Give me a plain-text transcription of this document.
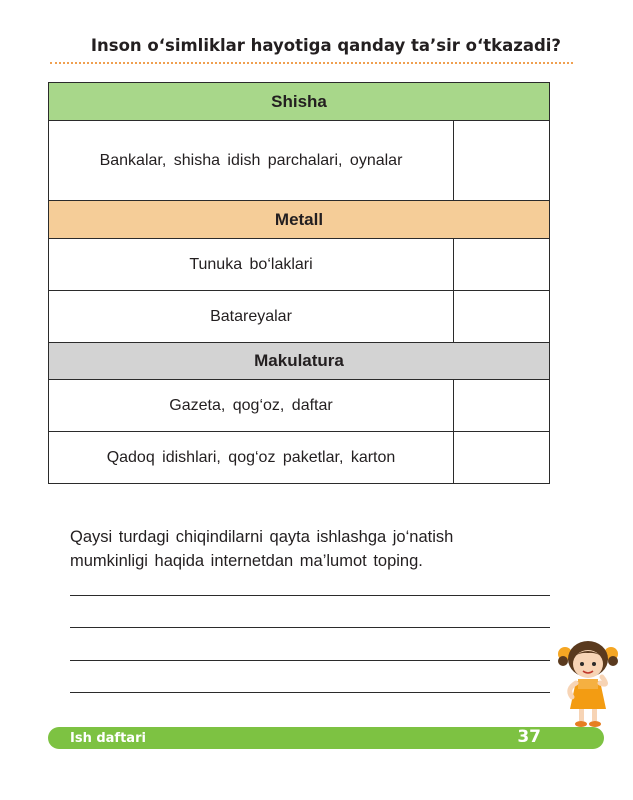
Inson o‘simliklar hayotiga qanday ta’sir o‘tkazadi?
Shisha	
Bankalar, shisha idish parchalari, oynalar	
Metall	
Tunuka bo‘laklari	
Batareyalar	
Makulatura	
Gazeta, qog‘oz, daftar	
Qadoq idishlari, qog‘oz paketlar, karton	
Qaysi turdagi chiqindilarni qayta ishlashga jo‘natish
mumkinligi haqida internetdan ma’lumot toping.
Ish daftari	37
